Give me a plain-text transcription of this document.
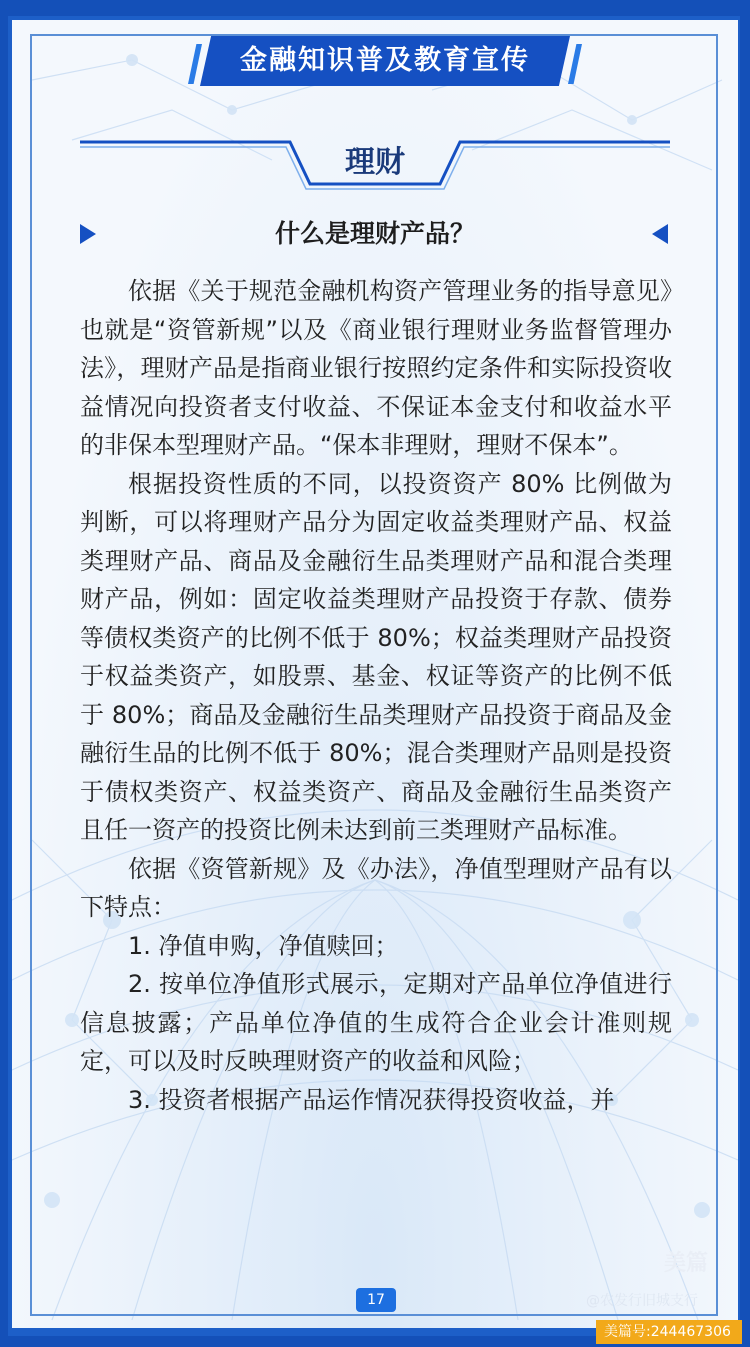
金融知识普及教育宣传
理财
什么是理财产品？

依据《关于规范金融机构资产管理业务的指导意见》也就是“资管新规”以及《商业银行理财业务监督管理办法》，理财产品是指商业银行按照约定条件和实际投资收益情况向投资者支付收益、不保证本金支付和收益水平的非保本型理财产品。“保本非理财，理财不保本”。

根据投资性质的不同，以投资资产 80% 比例做为判断，可以将理财产品分为固定收益类理财产品、权益类理财产品、商品及金融衍生品类理财产品和混合类理财产品，例如：固定收益类理财产品投资于存款、债券等债权类资产的比例不低于 80%；权益类理财产品投资于权益类资产，如股票、基金、权证等资产的比例不低于 80%；商品及金融衍生品类理财产品投资于商品及金融衍生品的比例不低于 80%；混合类理财产品则是投资于债权类资产、权益类资产、商品及金融衍生品类资产且任一资产的投资比例未达到前三类理财产品标准。

依据《资管新规》及《办法》，净值型理财产品有以下特点：

1. 净值申购，净值赎回；

2. 按单位净值形式展示，定期对产品单位净值进行信息披露；产品单位净值的生成符合企业会计准则规定，可以及时反映理财资产的收益和风险；

3. 投资者根据产品运作情况获得投资收益，并

17
美篇
@农发行旧城支行
美篇号:244467306
